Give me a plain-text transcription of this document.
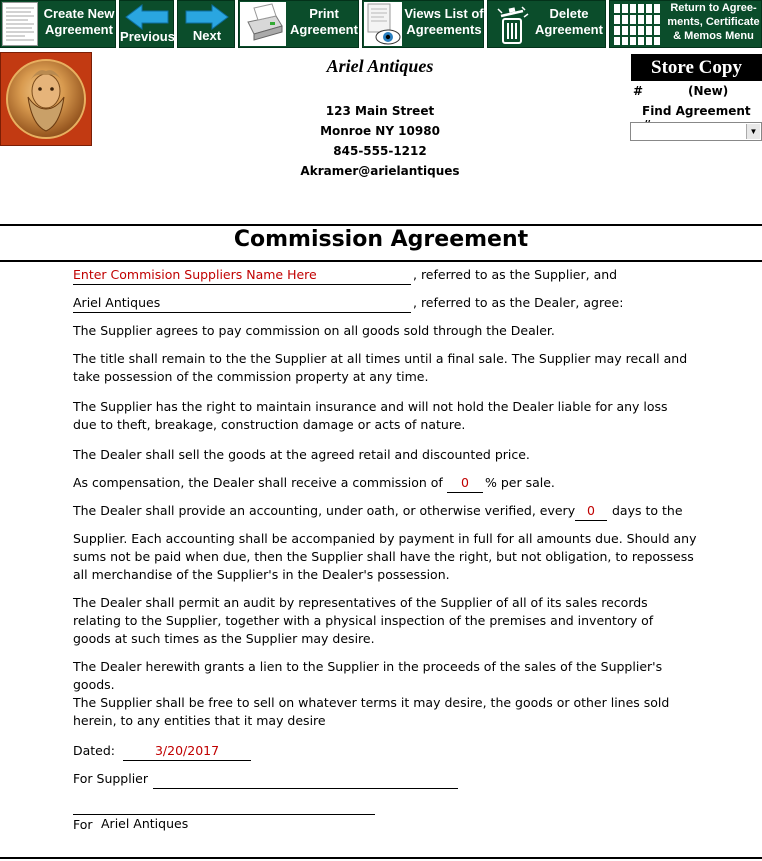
Create New
Agreement Previous	Next
Print
Agreement
Views List of
Agreements
Delete
Agreement
Return to Agree-
ments, Certificate
& Memos Menu
Ariel Antiques
123 Main Street
Monroe NY 10980
845-555-1212
Akramer@arielantiques
Store Copy
#	(New)
Find Agreement
▼
Commission Agreement
Enter Commision Suppliers Name Here	, referred to as the Supplier, and
Ariel Antiques	, referred to as the Dealer, agree:
The Supplier agrees to pay commission on all goods sold through the Dealer.
The title shall remain to the the Supplier at all times until a final sale. The Supplier may recall and
take possession of the commission property at any time.
The Supplier has the right to maintain insurance and will not hold the Dealer liable for any loss
due to theft, breakage, construction damage or acts of nature.
The Dealer shall sell the goods at the agreed retail and discounted price.
As compensation, the Dealer shall receive a commission of	0	% per sale.
The Dealer shall provide an accounting, under oath, or otherwise verified, every 0	days to the
Supplier. Each accounting shall be accompanied by payment in full for all amounts due. Should any
sums not be paid when due, then the Supplier shall have the right, but not obligation, to repossess
all merchandise of the Supplier's in the Dealer's possession.
The Dealer shall permit an audit by representatives of the Supplier of all of its sales records
relating to the Supplier, together with a physical inspection of the premises and inventory of
goods at such times as the Supplier may desire.
The Dealer herewith grants a lien to the Supplier in the proceeds of the sales of the Supplier's
goods.
The Supplier shall be free to sell on whatever terms it may desire, the goods or other lines sold
herein, to any entities that it may desire
Dated:	3/20/2017
For Supplier
For Ariel Antiques
